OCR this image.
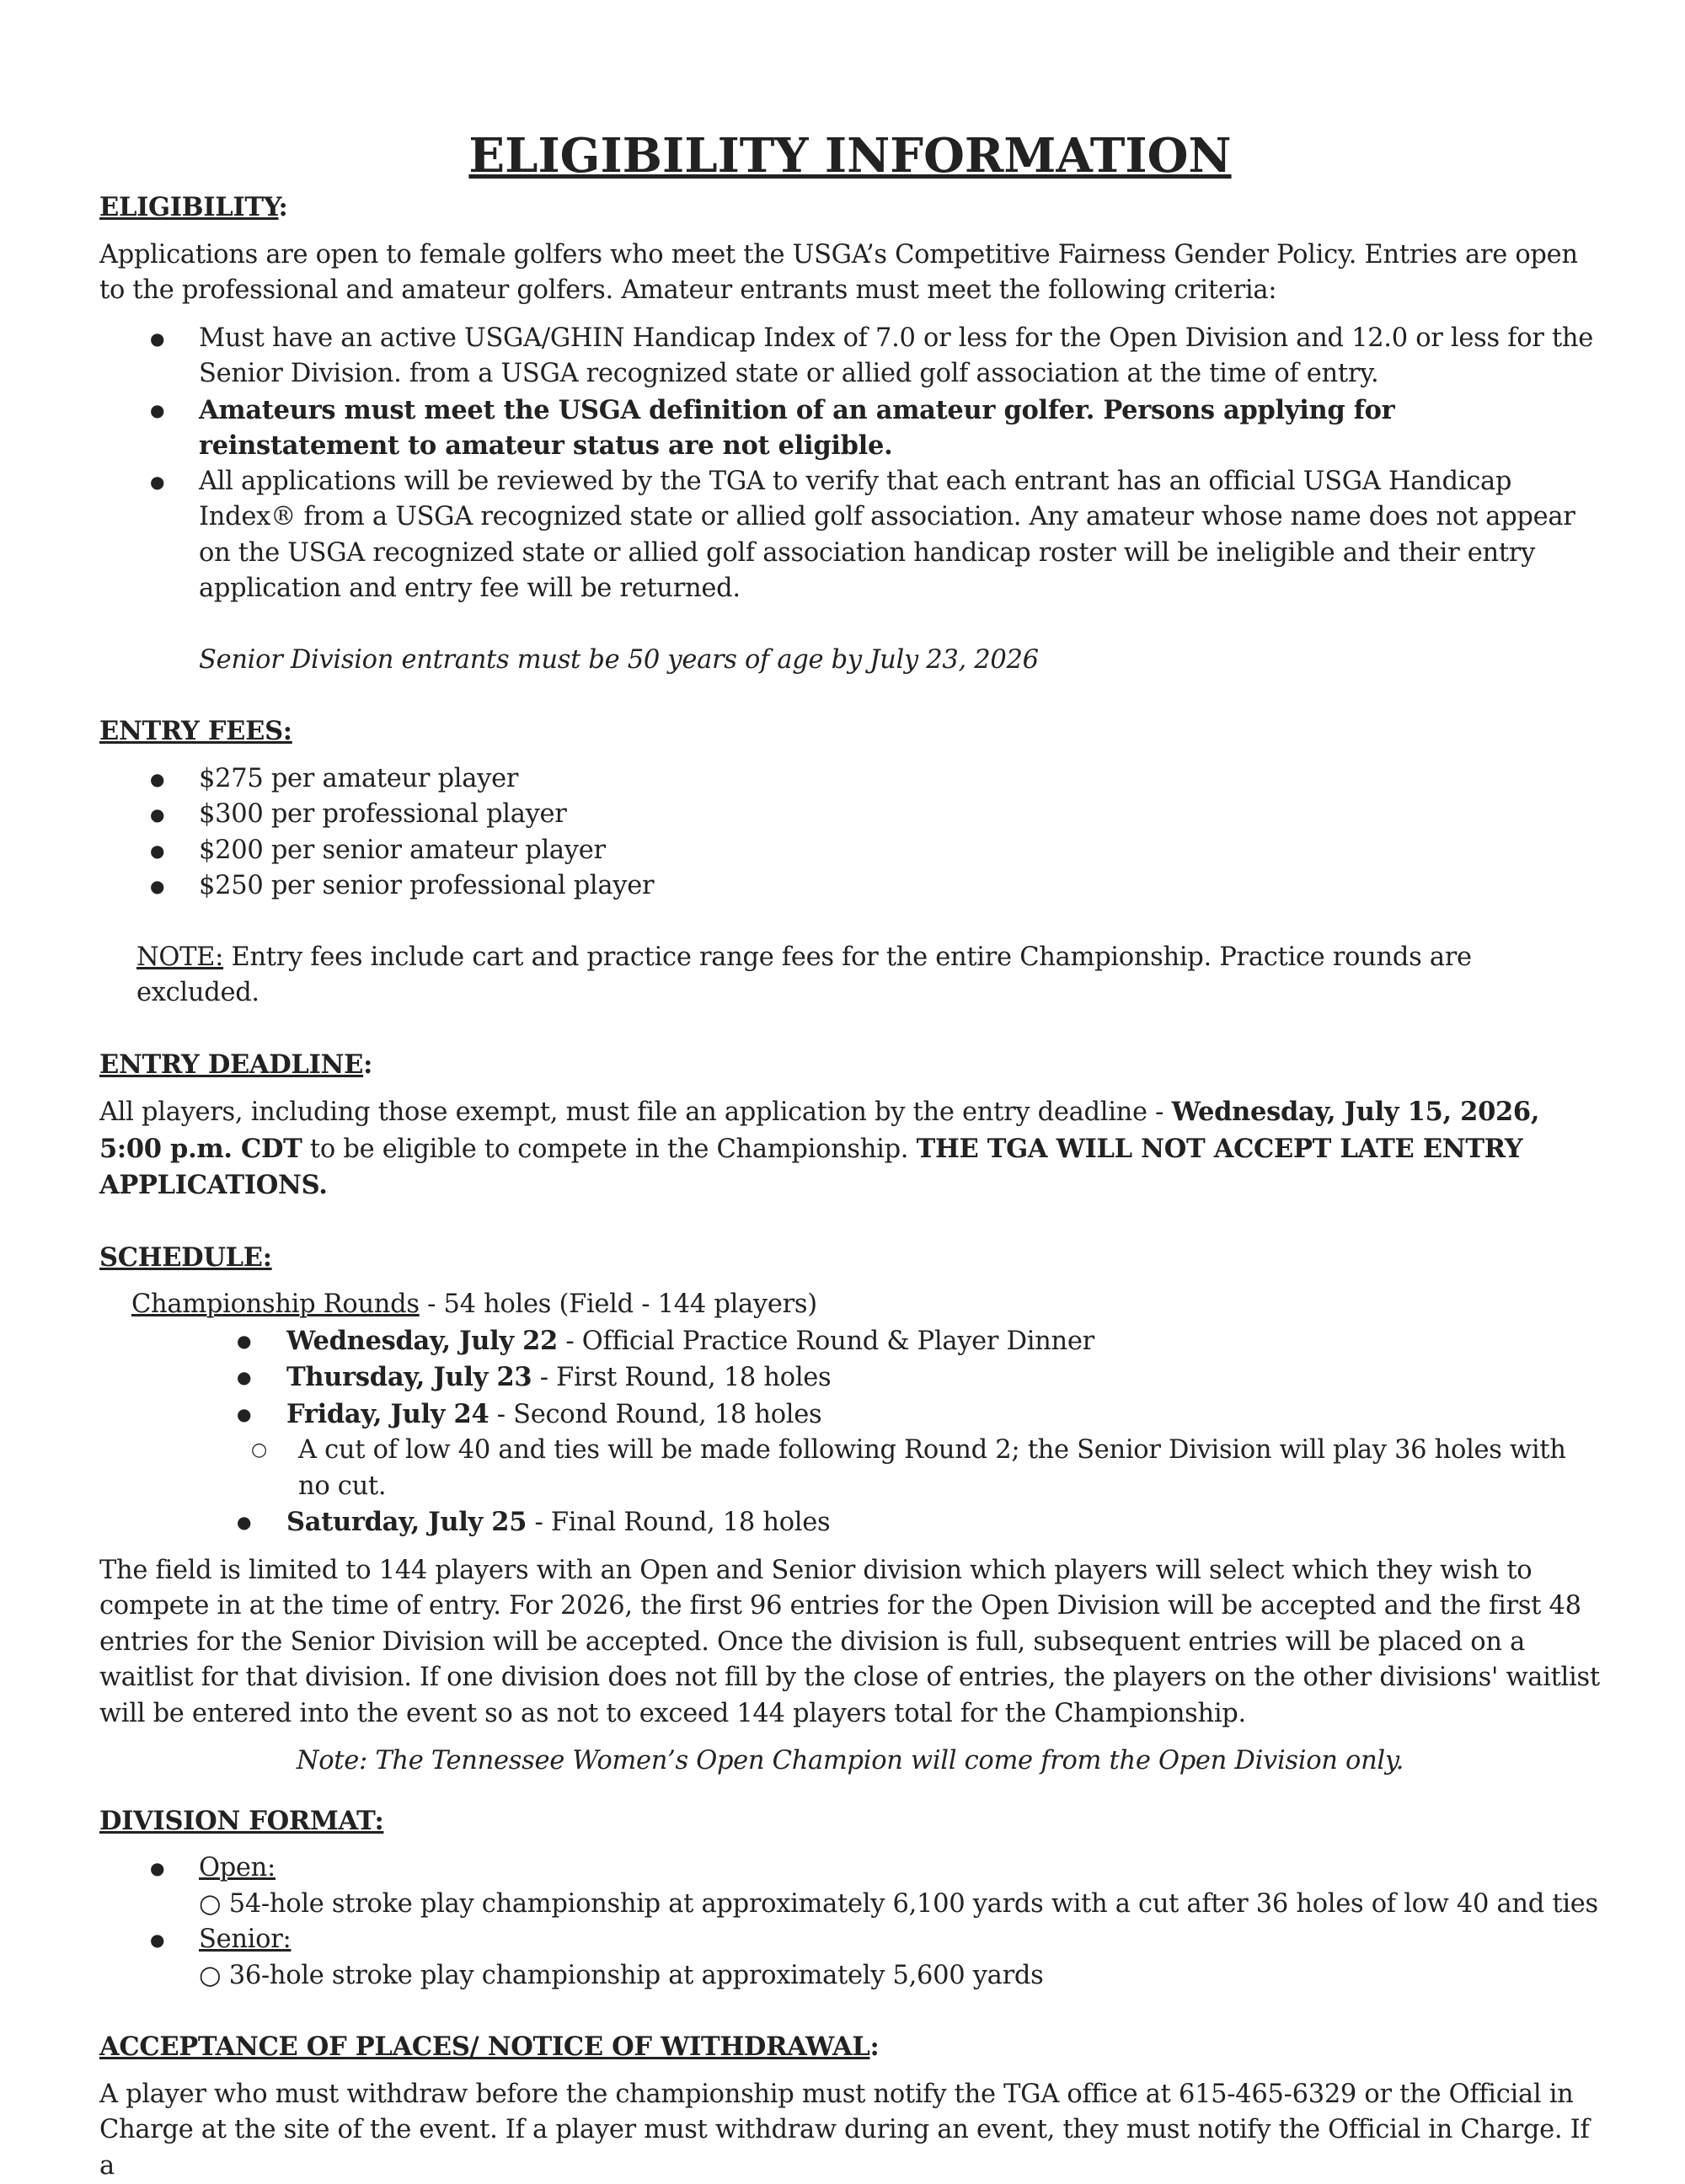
ELIGIBILITY INFORMATION

ELIGIBILITY:

Applications are open to female golfers who meet the USGA’s Competitive Fairness Gender Policy. Entries are open to the professional and amateur golfers. Amateur entrants must meet the following criteria:

● Must have an active USGA/GHIN Handicap Index of 7.0 or less for the Open Division and 12.0 or less for the Senior Division. from a USGA recognized state or allied golf association at the time of entry.
● Amateurs must meet the USGA definition of an amateur golfer. Persons applying for reinstatement to amateur status are not eligible.
● All applications will be reviewed by the TGA to verify that each entrant has an official USGA Handicap Index® from a USGA recognized state or allied golf association. Any amateur whose name does not appear on the USGA recognized state or allied golf association handicap roster will be ineligible and their entry application and entry fee will be returned.

Senior Division entrants must be 50 years of age by July 23, 2026

ENTRY FEES:

● $275 per amateur player
● $300 per professional player
● $200 per senior amateur player
● $250 per senior professional player

NOTE: Entry fees include cart and practice range fees for the entire Championship. Practice rounds are excluded.

ENTRY DEADLINE:

All players, including those exempt, must file an application by the entry deadline - Wednesday, July 15, 2026, 5:00 p.m. CDT to be eligible to compete in the Championship. THE TGA WILL NOT ACCEPT LATE ENTRY APPLICATIONS.

SCHEDULE:

Championship Rounds - 54 holes (Field - 144 players)

● Wednesday, July 22 - Official Practice Round & Player Dinner
● Thursday, July 23 - First Round, 18 holes
● Friday, July 24 - Second Round, 18 holes
○ A cut of low 40 and ties will be made following Round 2; the Senior Division will play 36 holes with no cut.
● Saturday, July 25 - Final Round, 18 holes

The field is limited to 144 players with an Open and Senior division which players will select which they wish to compete in at the time of entry. For 2026, the first 96 entries for the Open Division will be accepted and the first 48 entries for the Senior Division will be accepted. Once the division is full, subsequent entries will be placed on a waitlist for that division. If one division does not fill by the close of entries, the players on the other divisions' waitlist will be entered into the event so as not to exceed 144 players total for the Championship.

Note: The Tennessee Women’s Open Champion will come from the Open Division only.

DIVISION FORMAT:

● Open:

○ 54-hole stroke play championship at approximately 6,100 yards with a cut after 36 holes of low 40 and ties

● Senior:

○ 36-hole stroke play championship at approximately 5,600 yards

ACCEPTANCE OF PLACES/ NOTICE OF WITHDRAWAL:

A player who must withdraw before the championship must notify the TGA office at 615-465-6329 or the Official in Charge at the site of the event. If a player must withdraw during an event, they must notify the Official in Charge. If a
